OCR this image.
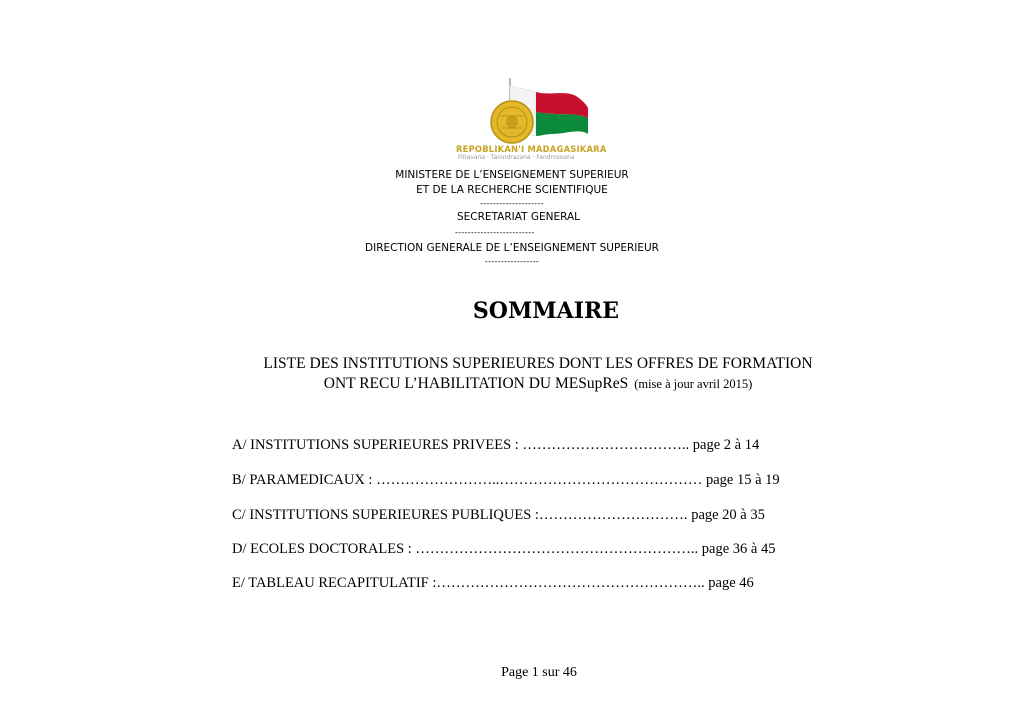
REPOBLIKAN'I MADAGASIKARA
Fitiavana · Tanindrazana · Fandrosoana
MINISTERE DE L’ENSEIGNEMENT SUPERIEUR
ET DE LA RECHERCHE SCIENTIFIQUE
--------------------
SECRETARIAT GENERAL
-------------------------
DIRECTION GENERALE DE L’ENSEIGNEMENT SUPERIEUR
-----------------
SOMMAIRE
LISTE DES INSTITUTIONS SUPERIEURES DONT LES OFFRES DE FORMATION
ONT RECU L’HABILITATION DU MESupReS (mise à jour avril 2015)
A/ INSTITUTIONS SUPERIEURES PRIVEES : …………………………….. page 2 à 14
B/ PARAMEDICAUX : ……………………..…………………………………… page 15 à 19
C/ INSTITUTIONS SUPERIEURES PUBLIQUES :…………………………. page 20 à 35
D/ ECOLES DOCTORALES : ………………………………………………….. page 36 à 45
E/ TABLEAU RECAPITULATIF :……………………………………………….. page 46
Page 1 sur 46
